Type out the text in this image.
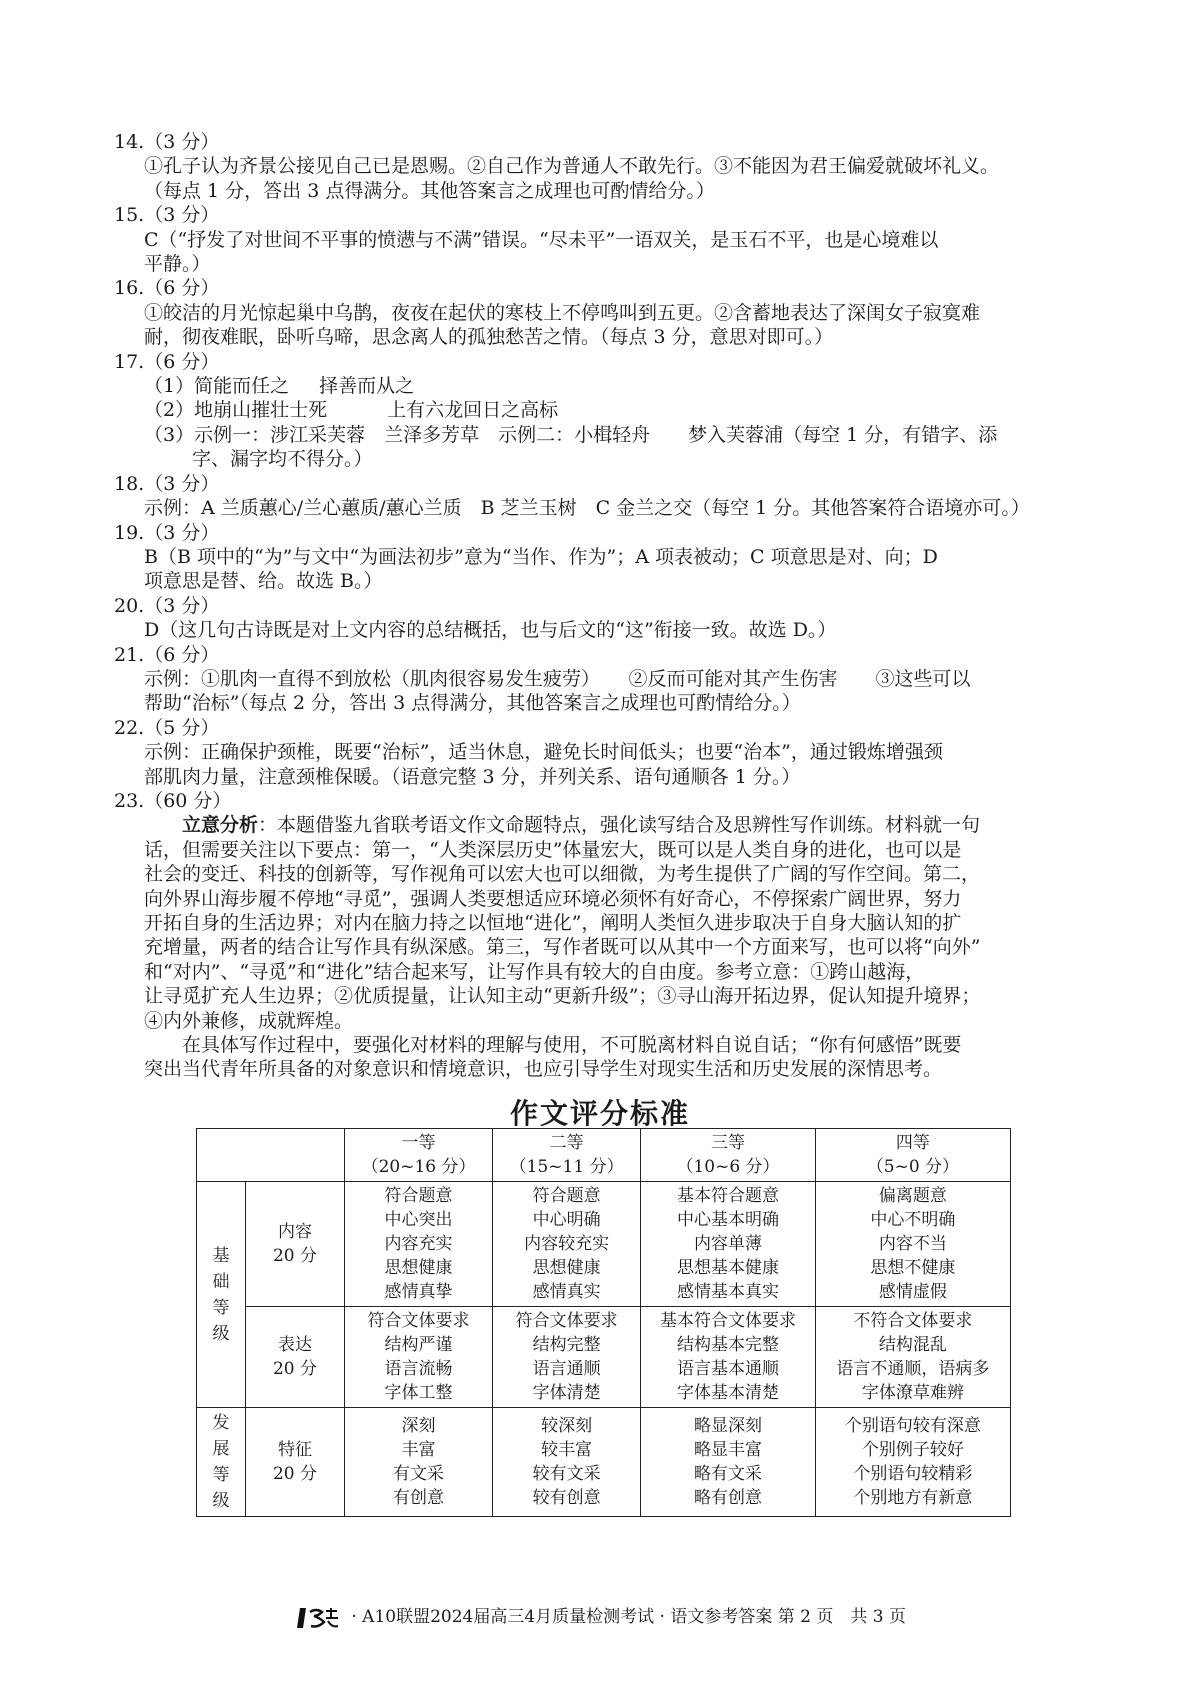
14.（3 分）
①孔子认为齐景公接见自己已是恩赐。②自己作为普通人不敢先行。③不能因为君王偏爱就破坏礼义。
（每点 1 分，答出 3 点得满分。其他答案言之成理也可酌情给分。）
15.（3 分）
C（“抒发了对世间不平事的愤懑与不满”错误。“尽未平”一语双关，是玉石不平，也是心境难以
平静。）
16.（6 分）
①皎洁的月光惊起巢中乌鹊，夜夜在起伏的寒枝上不停鸣叫到五更。②含蓄地表达了深闺女子寂寞难
耐，彻夜难眠，卧听乌啼，思念离人的孤独愁苦之情。（每点 3 分，意思对即可。）
17.（6 分）
（1）简能而任之 择善而从之
（2）地崩山摧壮士死	上有六龙回日之高标
（3）示例一：涉江采芙蓉　兰泽多芳草　示例二：小楫轻舟　　梦入芙蓉浦（每空 1 分，有错字、添
字、漏字均不得分。）
18.（3 分）
示例：A 兰质蕙心/兰心蕙质/蕙心兰质　B 芝兰玉树　C 金兰之交（每空 1 分。其他答案符合语境亦可。）
19.（3 分）
B（B 项中的“为”与文中“为画法初步”意为“当作、作为”；A 项表被动；C 项意思是对、向；D
项意思是替、给。故选 B。）
20.（3 分）
D（这几句古诗既是对上文内容的总结概括，也与后文的“这”衔接一致。故选 D。）
21.（6 分）
示例：①肌肉一直得不到放松（肌肉很容易发生疲劳）　　②反而可能对其产生伤害　　③这些可以
帮助“治标”（每点 2 分，答出 3 点得满分，其他答案言之成理也可酌情给分。）
22.（5 分）
示例：正确保护颈椎，既要“治标”，适当休息，避免长时间低头；也要“治本”，通过锻炼增强颈
部肌肉力量，注意颈椎保暖。（语意完整 3 分，并列关系、语句通顺各 1 分。）
23.（60 分）
立意分析：本题借鉴九省联考语文作文命题特点，强化读写结合及思辨性写作训练。材料就一句
话，但需要关注以下要点：第一，“人类深层历史”体量宏大，既可以是人类自身的进化，也可以是
社会的变迁、科技的创新等，写作视角可以宏大也可以细微，为考生提供了广阔的写作空间。第二，
向外界山海步履不停地“寻觅”，强调人类要想适应环境必须怀有好奇心，不停探索广阔世界，努力
开拓自身的生活边界；对内在脑力持之以恒地“进化”，阐明人类恒久进步取决于自身大脑认知的扩
充增量，两者的结合让写作具有纵深感。第三，写作者既可以从其中一个方面来写，也可以将“向外”
和“对内”、“寻觅”和“进化”结合起来写，让写作具有较大的自由度。参考立意：①跨山越海，
让寻觅扩充人生边界；②优质提量，让认知主动“更新升级”；③寻山海开拓边界，促认知提升境界；
④内外兼修，成就辉煌。
在具体写作过程中，要强化对材料的理解与使用，不可脱离材料自说自话；“你有何感悟”既要
突出当代青年所具备的对象意识和情境意识，也应引导学生对现实生活和历史发展的深情思考。
作文评分标准

		一等
（20~16 分）	二等
（15~11 分）	三等
（10~6 分）	四等
（5~0 分）

基础等级	内容
20 分	符合题意
中心突出
内容充实
思想健康
感情真挚	符合题意
中心明确
内容较充实
思想健康
感情真实	基本符合题意
中心基本明确
内容单薄
思想基本健康
感情基本真实	偏离题意
中心不明确
内容不当
思想不健康
感情虚假

	表达
20 分	符合文体要求
结构严谨
语言流畅
字体工整	符合文体要求
结构完整
语言通顺
字体清楚	基本符合文体要求
结构基本完整
语言基本通顺
字体基本清楚	不符合文体要求
结构混乱
语言不通顺，语病多
字体潦草难辨

发展等级	特征
20 分	深刻
丰富
有文采
有创意	较深刻
较丰富
较有文采
较有创意	略显深刻
略显丰富
略有文采
略有创意	个别语句较有深意
个别例子较好
个别语句较精彩
个别地方有新意
· A10联盟2024届高三4月质量检测考试 · 语文参考答案 第 2 页　共 3 页
